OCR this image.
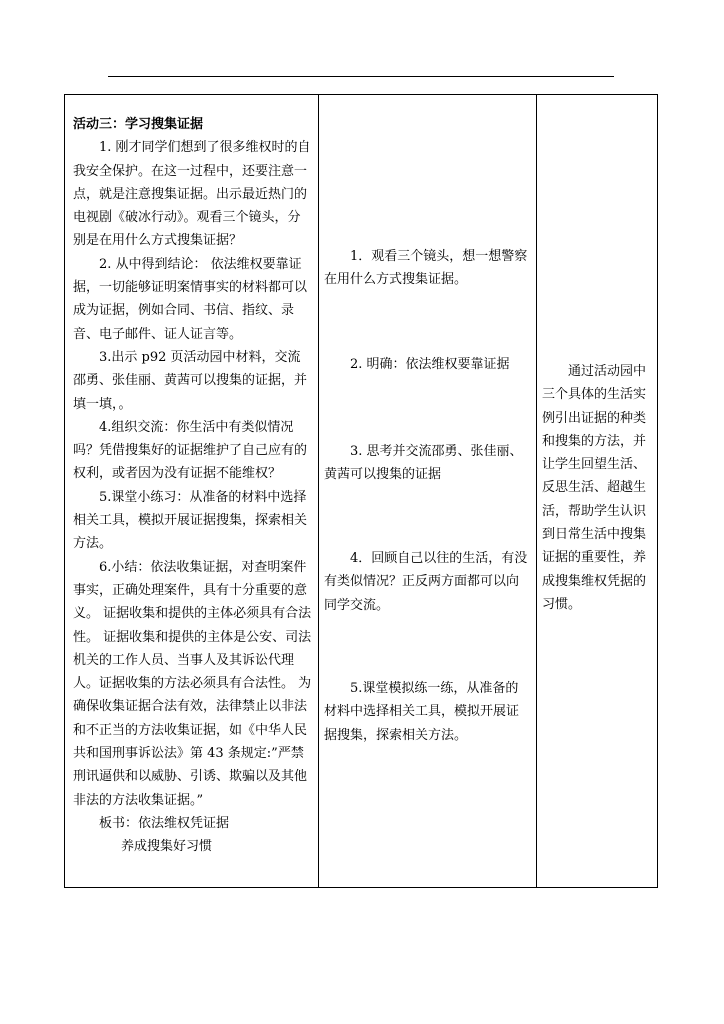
活动三：学习搜集证据

1. 刚才同学们想到了很多维权时的自我安全保护。在这一过程中，还要注意一点，就是注意搜集证据。出示最近热门的电视剧《破冰行动》。观看三个镜头，分别是在用什么方式搜集证据？

2. 从中得到结论： 依法维权要靠证据，一切能够证明案情事实的材料都可以成为证据，例如合同、书信、指纹、录音、电子邮件、证人证言等。

3.出示 p92 页活动园中材料，交流邵勇、张佳丽、黄茜可以搜集的证据，并填一填，。

4.组织交流：你生活中有类似情况吗？凭借搜集好的证据维护了自己应有的权利，或者因为没有证据不能维权？

5.课堂小练习：从准备的材料中选择相关工具，模拟开展证据搜集，探索相关方法。

6.小结：依法收集证据，对查明案件事实，正确处理案件，具有十分重要的意义。 证据收集和提供的主体必须具有合法性。 证据收集和提供的主体是公安、司法机关的工作人员、当事人及其诉讼代理人。证据收集的方法必须具有合法性。 为确保收集证据合法有效，法律禁止以非法和不正当的方法收集证据，如《中华人民共和国刑事诉讼法》第 43 条规定:”严禁刑讯逼供和以威胁、引诱、欺骗以及其他非法的方法收集证据。”

板书：依法维权凭证据

养成搜集好习惯

1．观看三个镜头，想一想警察在用什么方式搜集证据。

2. 明确：依法维权要靠证据

3. 思考并交流邵勇、张佳丽、黄茜可以搜集的证据

4．回顾自己以往的生活，有没有类似情况？正反两方面都可以向同学交流。

5.课堂模拟练一练，从准备的材料中选择相关工具，模拟开展证据搜集，探索相关方法。

通过活动园中三个具体的生活实例引出证据的种类和搜集的方法，并让学生回望生活、反思生活、超越生活，帮助学生认识到日常生活中搜集证据的重要性，养成搜集维权凭据的习惯。
